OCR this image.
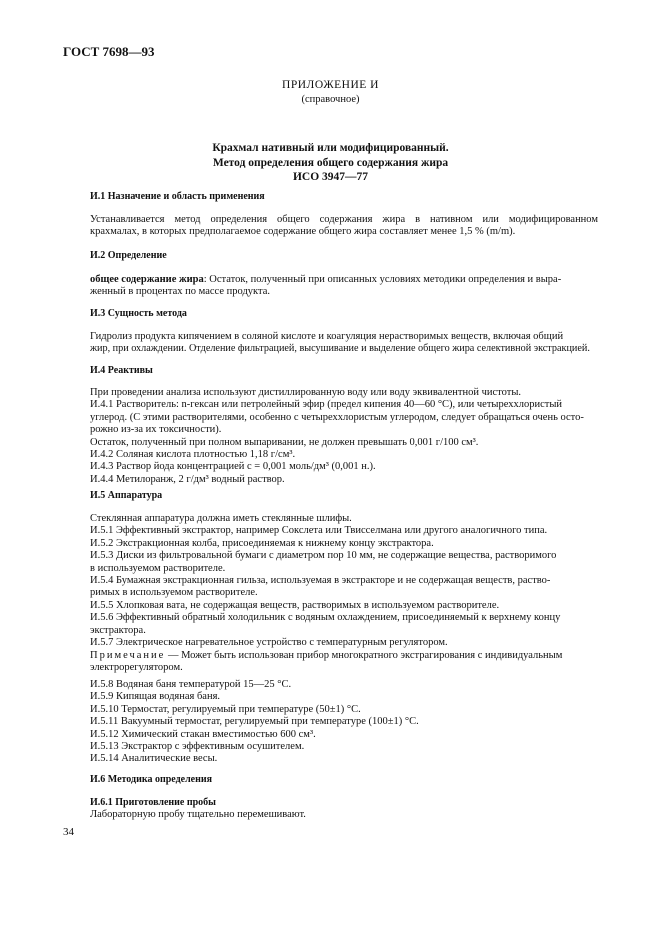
ГОСТ 7698—93
ПРИЛОЖЕНИЕ И
(справочное)
Крахмал нативный или модифицированный.
Метод определения общего содержания жира
ИСО 3947—77
И.1 Назначение и область применения
Устанавливается метод определения общего содержания жира в нативном или модифицированном
крахмалах, в которых предполагаемое содержание общего жира составляет менее 1,5 % (m/m).
И.2 Определение
общее содержание жира: Остаток, полученный при описанных условиях методики определения и выра-
женный в процентах по массе продукта.
И.3 Сущность метода
Гидролиз продукта кипячением в соляной кислоте и коагуляция нерастворимых веществ, включая общий
жир, при охлаждении. Отделение фильтрацией, высушивание и выделение общего жира селективной экстракцией.
И.4 Реактивы
При проведении анализа используют дистиллированную воду или воду эквивалентной чистоты.
И.4.1 Растворитель: n-гексан или петролейный эфир (предел кипения 40—60 °С), или четыреххлористый
углерод. (С этими растворителями, особенно с четыреххлористым углеродом, следует обращаться очень осто-
рожно из-за их токсичности).
Остаток, полученный при полном выпаривании, не должен превышать 0,001 г/100 см³.
И.4.2 Соляная кислота плотностью 1,18 г/см³.
И.4.3 Раствор йода концентрацией с = 0,001 моль/дм³ (0,001 н.).
И.4.4 Метилоранж, 2 г/дм³ водный раствор.
И.5 Аппаратура
Стеклянная аппаратура должна иметь стеклянные шлифы.
И.5.1 Эффективный экстрактор, например Сокслета или Твисселмана или другого аналогичного типа.
И.5.2 Экстракционная колба, присоединяемая к нижнему концу экстрактора.
И.5.3 Диски из фильтровальной бумаги с диаметром пор 10 мм, не содержащие вещества, растворимого
в используемом растворителе.
И.5.4 Бумажная экстракционная гильза, используемая в экстракторе и не содержащая веществ, раство-
римых в используемом растворителе.
И.5.5 Хлопковая вата, не содержащая веществ, растворимых в используемом растворителе.
И.5.6 Эффективный обратный холодильник с водяным охлаждением, присоединяемый к верхнему концу
экстрактора.
И.5.7 Электрическое нагревательное устройство с температурным регулятором.
Примечание — Может быть использован прибор многократного экстрагирования с индивидуальным
электрорегулятором.
И.5.8 Водяная баня температурой 15—25 °С.
И.5.9 Кипящая водяная баня.
И.5.10 Термостат, регулируемый при температуре (50±1) °С.
И.5.11 Вакуумный термостат, регулируемый при температуре (100±1) °С.
И.5.12 Химический стакан вместимостью 600 см³.
И.5.13 Экстрактор с эффективным осушителем.
И.5.14 Аналитические весы.
И.6 Методика определения
И.6.1 Приготовление пробы
Лабораторную пробу тщательно перемешивают.
34
